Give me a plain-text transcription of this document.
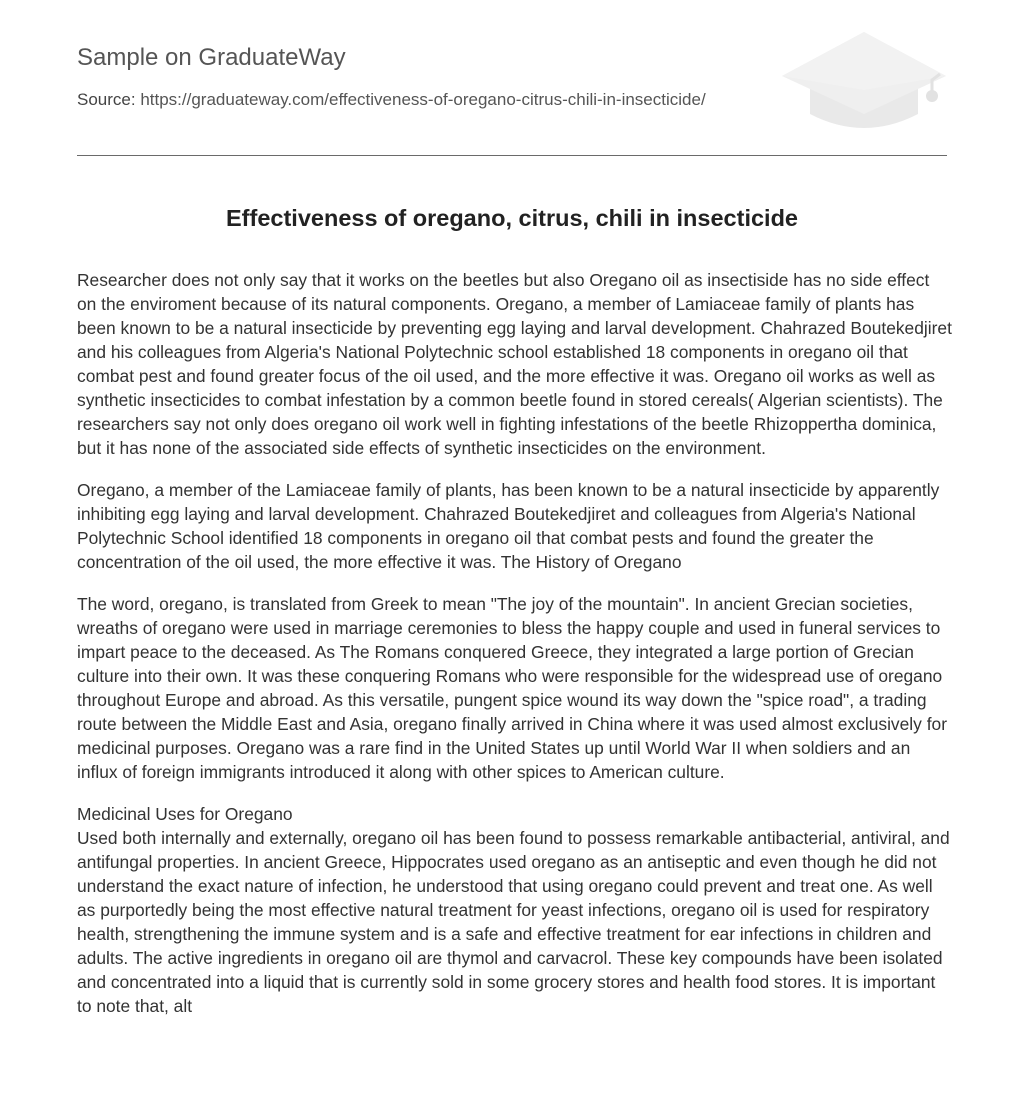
Sample on GraduateWay
Source: https://graduateway.com/effectiveness-of-oregano-citrus-chili-in-insecticide/
Effectiveness of oregano, citrus, chili in insecticide

Researcher does not only say that it works on the beetles but also Oregano oil as insectiside has no side effect on the enviroment because of its natural components. Oregano, a member of Lamiaceae family of plants has been known to be a natural insecticide by preventing egg laying and larval development. Chahrazed Boutekedjiret and his colleagues from Algeria's National Polytechnic school established 18 components in oregano oil that combat pest and found greater focus of the oil used, and the more effective it was. Oregano oil works as well as synthetic insecticides to combat infestation by a common beetle found in stored cereals( Algerian scientists). The researchers say not only does oregano oil work well in fighting infestations of the beetle Rhizoppertha dominica, but it has none of the associated side effects of synthetic insecticides on the environment.

Oregano, a member of the Lamiaceae family of plants, has been known to be a natural insecticide by apparently inhibiting egg laying and larval development. Chahrazed Boutekedjiret and colleagues from Algeria's National Polytechnic School identified 18 components in oregano oil that combat pests and found the greater the concentration of the oil used, the more effective it was. The History of Oregano

The word, oregano, is translated from Greek to mean "The joy of the mountain". In ancient Grecian societies, wreaths of oregano were used in marriage ceremonies to bless the happy couple and used in funeral services to impart peace to the deceased. As The Romans conquered Greece, they integrated a large portion of Grecian culture into their own. It was these conquering Romans who were responsible for the widespread use of oregano throughout Europe and abroad. As this versatile, pungent spice wound its way down the "spice road", a trading route between the Middle East and Asia, oregano finally arrived in China where it was used almost exclusively for medicinal purposes. Oregano was a rare find in the United States up until World War II when soldiers and an influx of foreign immigrants introduced it along with other spices to American culture.

Medicinal Uses for Oregano

Used both internally and externally, oregano oil has been found to possess remarkable antibacterial, antiviral, and antifungal properties. In ancient Greece, Hippocrates used oregano as an antiseptic and even though he did not understand the exact nature of infection, he understood that using oregano could prevent and treat one. As well as purportedly being the most effective natural treatment for yeast infections, oregano oil is used for respiratory health, strengthening the immune system and is a safe and effective treatment for ear infections in children and adults. The active ingredients in oregano oil are thymol and carvacrol. These key compounds have been isolated and concentrated into a liquid that is currently sold in some grocery stores and health food stores. It is important to note that, alt
